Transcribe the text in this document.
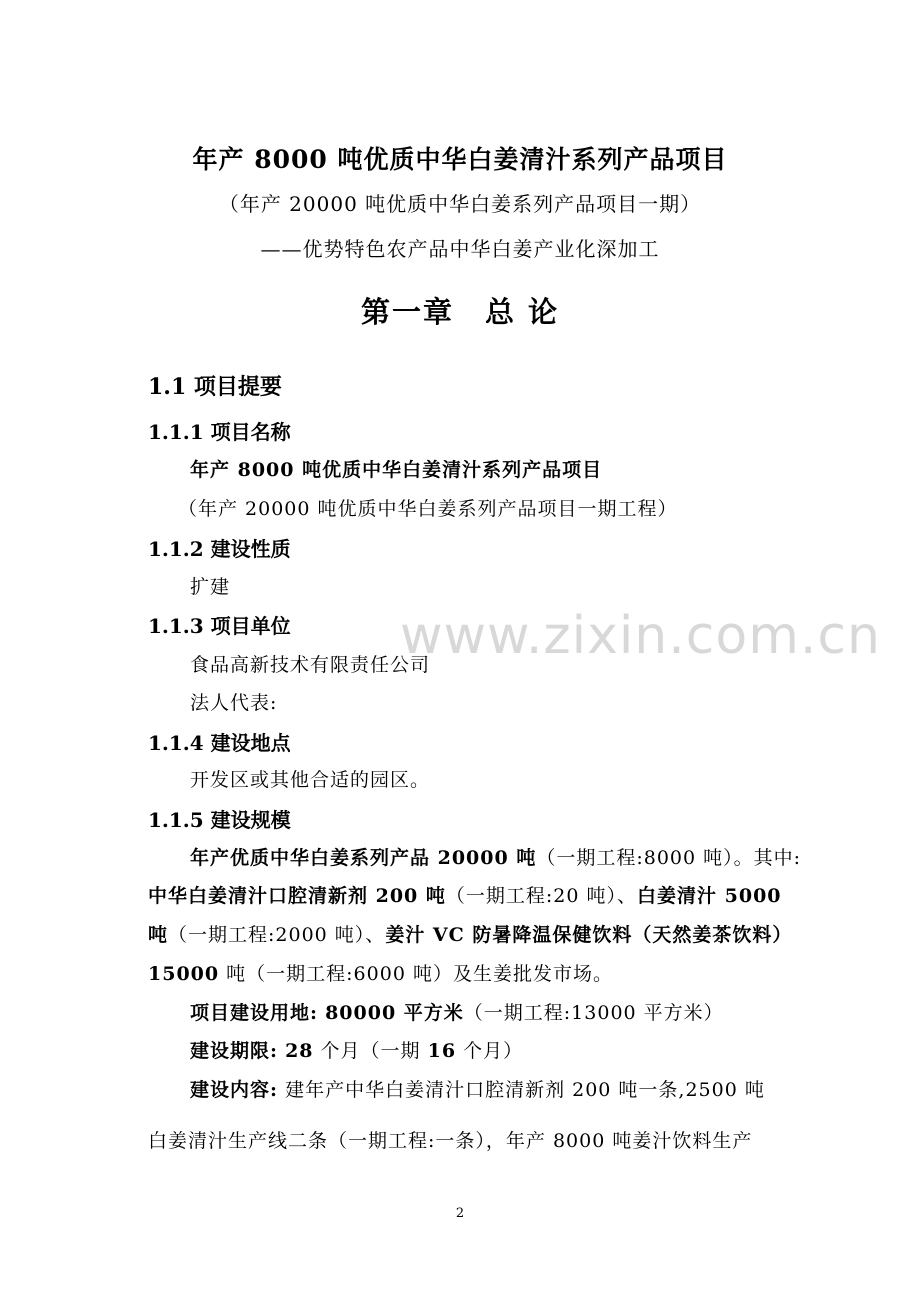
年产 8000 吨优质中华白姜清汁系列产品项目
（年产 20000 吨优质中华白姜系列产品项目一期）
——优势特色农产品中华白姜产业化深加工
第一章　总 论
1.1 项目提要
1.1.1 项目名称
年产 8000 吨优质中华白姜清汁系列产品项目
（年产 20000 吨优质中华白姜系列产品项目一期工程）
1.1.2 建设性质
扩建
1.1.3 项目单位
食品高新技术有限责任公司
法人代表:
1.1.4 建设地点
开发区或其他合适的园区。
1.1.5 建设规模
年产优质中华白姜系列产品 20000 吨（一期工程:8000 吨）。其中:
中华白姜清汁口腔清新剂 200 吨（一期工程:20 吨）、白姜清汁 5000
吨（一期工程:2000 吨）、姜汁 VC 防暑降温保健饮料（天然姜茶饮料）
15000 吨（一期工程:6000 吨）及生姜批发市场。
项目建设用地: 80000 平方米（一期工程:13000 平方米）
建设期限: 28 个月（一期 16 个月）
建设内容: 建年产中华白姜清汁口腔清新剂 200 吨一条,2500 吨
白姜清汁生产线二条（一期工程:一条），年产 8000 吨姜汁饮料生产
www.zixin.com.cn
2
